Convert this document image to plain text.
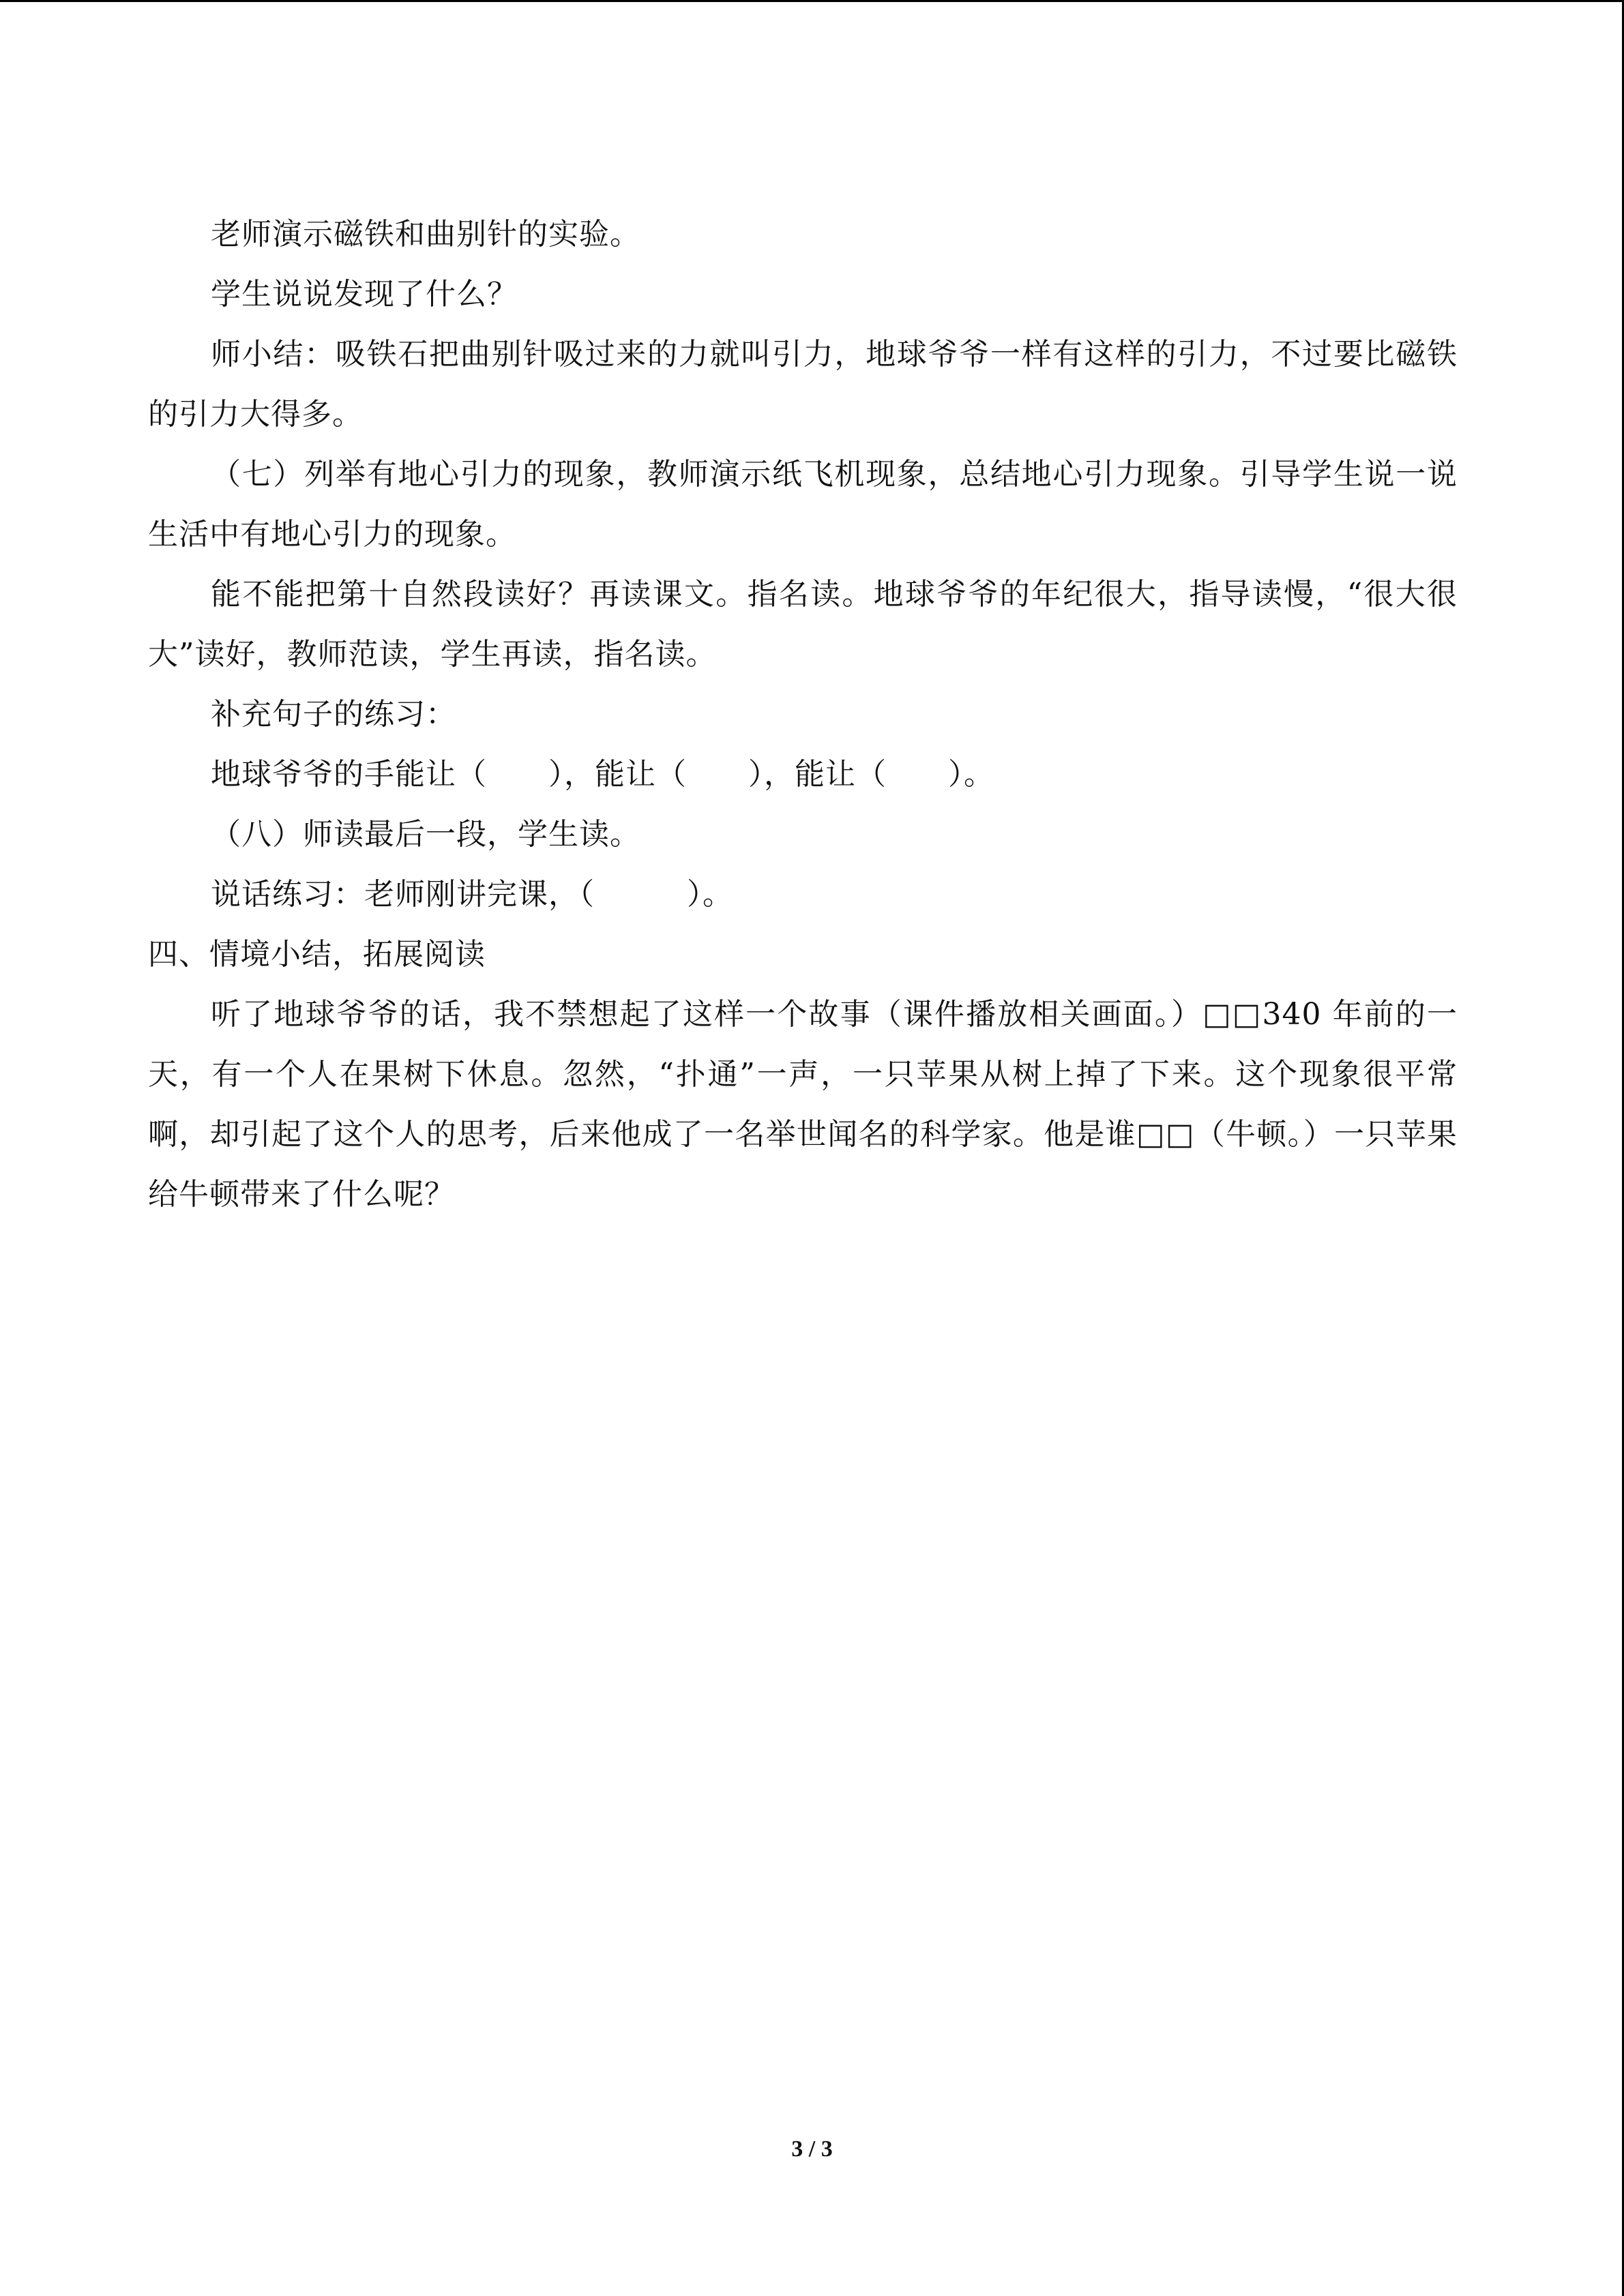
老师演示磁铁和曲别针的实验。

学生说说发现了什么？

师小结：吸铁石把曲别针吸过来的力就叫引力，地球爷爷一样有这样的引力，不过要比磁铁的引力大得多。

（七）列举有地心引力的现象，教师演示纸飞机现象，总结地心引力现象。引导学生说一说生活中有地心引力的现象。

能不能把第十自然段读好？再读课文。指名读。地球爷爷的年纪很大，指导读慢，“很大很大”读好，教师范读，学生再读，指名读。

补充句子的练习：

地球爷爷的手能让（　　），能让（　　），能让（　　）。

（八）师读最后一段，学生读。

说话练习：老师刚讲完课，（　　　）。

四、情境小结，拓展阅读

听了地球爷爷的话，我不禁想起了这样一个故事（课件播放相关画面。）□□340 年前的一天，有一个人在果树下休息。忽然，“扑通”一声，一只苹果从树上掉了下来。这个现象很平常啊，却引起了这个人的思考，后来他成了一名举世闻名的科学家。他是谁□□（牛顿。）一只苹果给牛顿带来了什么呢？

3 / 3
